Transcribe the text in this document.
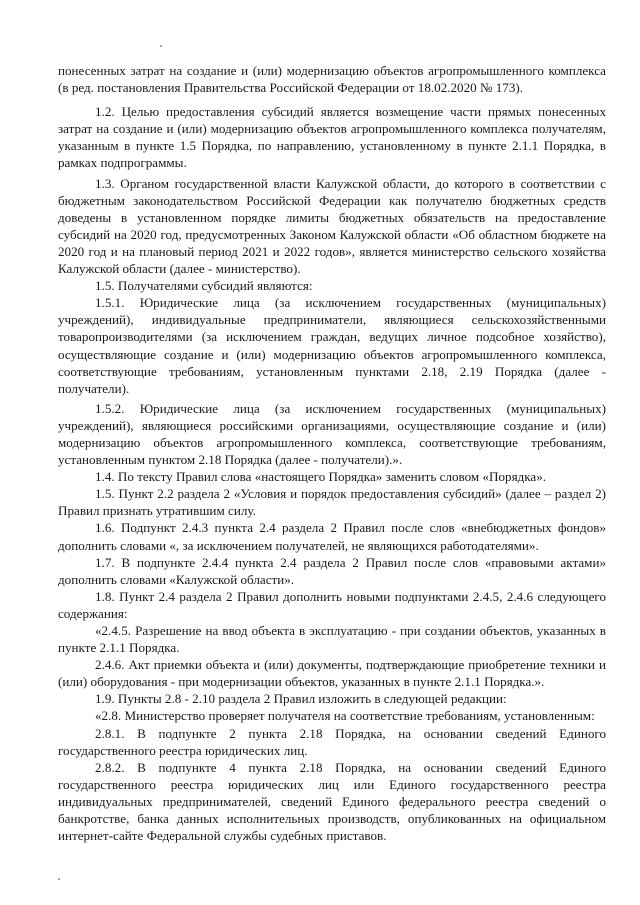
понесенных затрат на создание и (или) модернизацию объектов агропромышленного комплекса (в ред. постановления Правительства Российской Федерации от 18.02.2020 № 173).

1.2. Целью предоставления субсидий является возмещение части прямых понесенных затрат на создание и (или) модернизацию объектов агропромышленного комплекса получателям, указанным в пункте 1.5 Порядка, по направлению, установленному в пункте 2.1.1 Порядка, в рамках подпрограммы.

1.3. Органом государственной власти Калужской области, до которого в соответствии с бюджетным законодательством Российской Федерации как получателю бюджетных средств доведены в установленном порядке лимиты бюджетных обязательств на предоставление субсидий на 2020 год, предусмотренных Законом Калужской области «Об областном бюджете на 2020 год и на плановый период 2021 и 2022 годов», является министерство сельского хозяйства Калужской области (далее - министерство).

1.5. Получателями субсидий являются:

1.5.1. Юридические лица (за исключением государственных (муниципальных) учреждений), индивидуальные предприниматели, являющиеся сельскохозяйственными товаропроизводителями (за исключением граждан, ведущих личное подсобное хозяйство), осуществляющие создание и (или) модернизацию объектов агропромышленного комплекса, соответствующие требованиям, установленным пунктами 2.18, 2.19 Порядка (далее - получатели).

1.5.2. Юридические лица (за исключением государственных (муниципальных) учреждений), являющиеся российскими организациями, осуществляющие создание и (или) модернизацию объектов агропромышленного комплекса, соответствующие требованиям, установленным пунктом 2.18 Порядка (далее - получатели).».

1.4. По тексту Правил слова «настоящего Порядка» заменить словом «Порядка».

1.5. Пункт 2.2 раздела 2 «Условия и порядок предоставления субсидий» (далее – раздел 2) Правил признать утратившим силу.

1.6. Подпункт 2.4.3 пункта 2.4 раздела 2 Правил после слов «внебюджетных фондов» дополнить словами «, за исключением получателей, не являющихся работодателями».

1.7. В подпункте 2.4.4 пункта 2.4 раздела 2 Правил после слов «правовыми актами» дополнить словами «Калужской области».

1.8. Пункт 2.4 раздела 2 Правил дополнить новыми подпунктами 2.4.5, 2.4.6 следующего содержания:

«2.4.5. Разрешение на ввод объекта в эксплуатацию - при создании объектов, указанных в пункте 2.1.1 Порядка.

2.4.6. Акт приемки объекта и (или) документы, подтверждающие приобретение техники и (или) оборудования - при модернизации объектов, указанных в пункте 2.1.1 Порядка.».

1.9. Пункты 2.8 - 2.10 раздела 2 Правил изложить в следующей редакции:

«2.8. Министерство проверяет получателя на соответствие требованиям, установленным:

2.8.1. В подпункте 2 пункта 2.18 Порядка, на основании сведений Единого государственного реестра юридических лиц.

2.8.2. В подпункте 4 пункта 2.18 Порядка, на основании сведений Единого государственного реестра юридических лиц или Единого государственного реестра индивидуальных предпринимателей, сведений Единого федерального реестра сведений о банкротстве, банка данных исполнительных производств, опубликованных на официальном интернет-сайте Федеральной службы судебных приставов.
